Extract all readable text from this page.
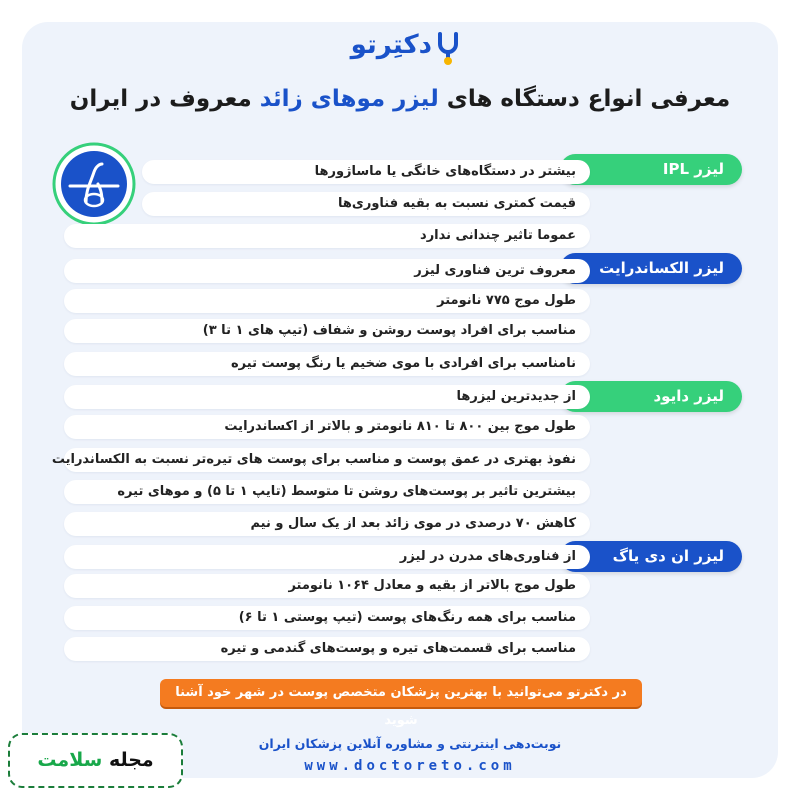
دکتِرتو
معرفی انواع دستگاه های لیزر موهای زائد معروف در ایران
لیزر IPL
بیشتر در دستگاه‌های خانگی یا ماساژورها
قیمت کمتری نسبت به بقیه فناوری‌ها
عموما تاثیر چندانی ندارد
لیزر الکساندرایت
معروف ترین فناوری لیزر
طول موج ۷۷۵ نانومتر
مناسب برای افراد پوست روشن و شفاف (تیپ های ۱ تا ۳)
نامناسب برای افرادی با موی ضخیم یا رنگ پوست تیره
لیزر دایود
از جدیدترین لیزرها
طول موج بین ۸۰۰ تا ۸۱۰ نانومتر و بالاتر از اکساندرایت
نفوذ بهتری در عمق پوست و مناسب برای پوست های تیره‌تر نسبت به الکساندرایت
بیشترین تاثیر بر پوست‌های روشن تا متوسط (تایپ ۱ تا ۵) و موهای تیره
کاهش ۷۰ درصدی در موی زائد بعد از یک سال و نیم
لیزر ان دی یاگ
از فناوری‌های مدرن در لیزر
طول موج بالاتر از بقیه و معادل ۱۰۶۴ نانومتر
مناسب برای همه رنگ‌های پوست (تیپ پوستی ۱ تا ۶)
مناسب برای قسمت‌های تیره و پوست‌های گندمی و تیره
در دکترتو می‌توانید با بهترین پزشکان متخصص پوست در شهر خود آشنا شوید
نوبت‌دهی اینترنتی و مشاوره آنلاین پزشکان ایران
www.doctoreto.com
مجله سلامت
